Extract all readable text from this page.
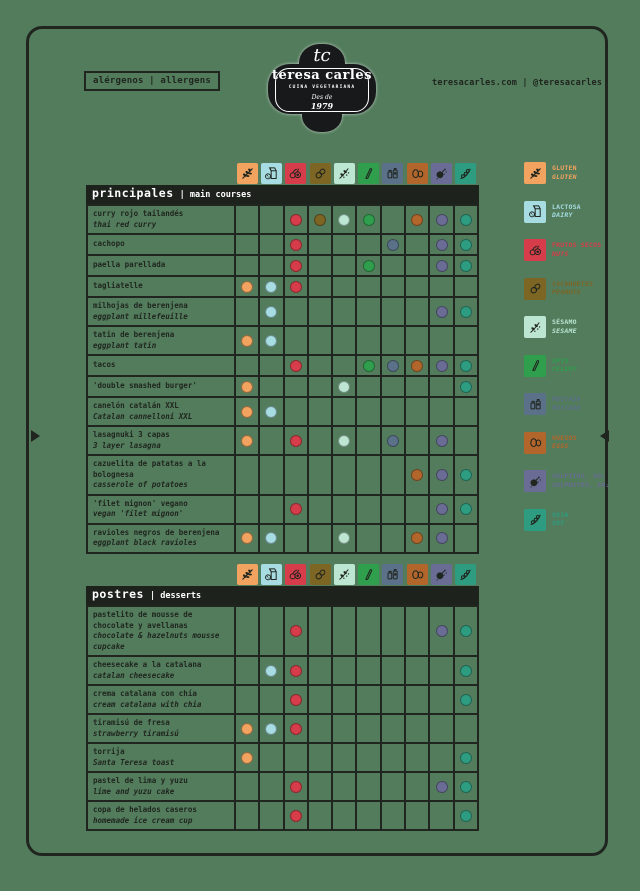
alérgenos | allergens
tc
teresa carles
CUINA VEGETARIANA
Des de
1979
teresacarles.com | @teresacarles
GLUTEN
GLUTEN
LACTOSA
DAIRY
FRUTOS SECOS
NUTS
CACAHUETES
PEANUTS
SÉSAMO
SESAME
APIO
CELERY
MOSTAZA
MUSTARD
HUEVOS
EGGS
SULFITOS, SO₂
SULPHITES, SO₂
SOJA
SOY
principales | main courses
curry rojo tailandés
thai red curry
cachopo
paella parellada
tagliatelle
milhojas de berenjena
eggplant millefeuille
tatin de berenjena
eggplant tatin
tacos
'double smashed burger'
canelón catalán XXL
Catalan cannelloni XXL
lasagnuki 3 capas
3 layer lasagna
cazuelita de patatas a la bolognesa
casserole of potatoes
'filet mignon' vegano
vegan 'filet mignon'
ravioles negros de berenjena
eggplant black ravioles
postres | desserts
pastelito de mousse de chocolate y avellanas
chocolate & hazelnuts mousse cupcake
cheesecake a la catalana
catalan cheesecake
crema catalana con chía
cream catalana with chia
tiramisú de fresa
strawberry tiramisú
torrija
Santa Teresa toast
pastel de lima y yuzu
lime and yuzu cake
copa de helados caseros
homemade ice cream cup
